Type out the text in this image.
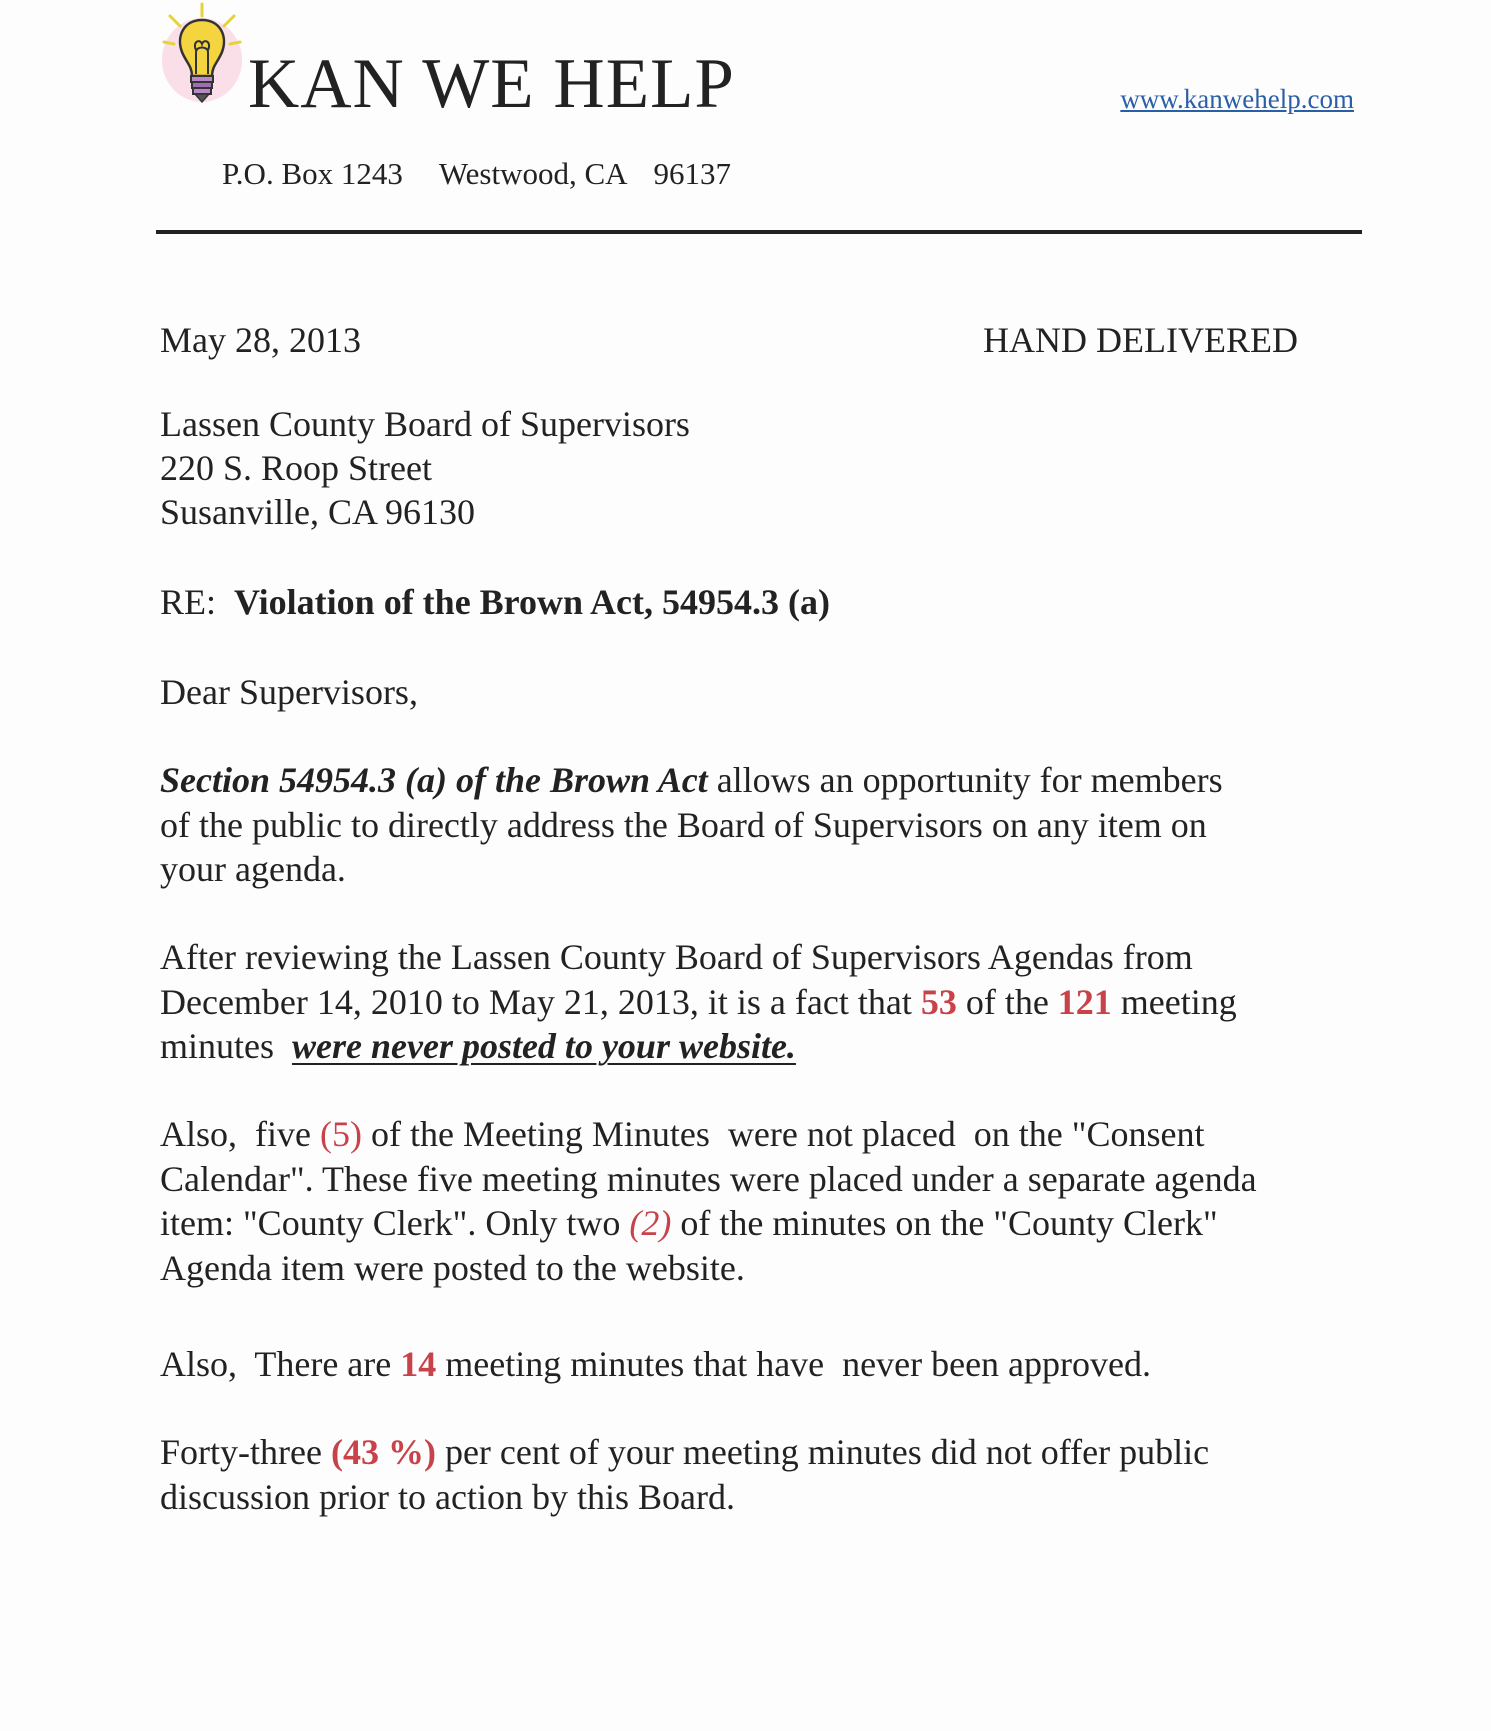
KAN WE HELP	www.kanwehelp.com
P.O. Box 1243 Westwood, CA 96137
May 28, 2013	HAND DELIVERED
Lassen County Board of Supervisors
220 S. Roop Street
Susanville, CA 96130
RE: Violation of the Brown Act, 54954.3 (a)
Dear Supervisors,
Section 54954.3 (a) of the Brown Act allows an opportunity for members
of the public to directly address the Board of Supervisors on any item on
your agenda.
After reviewing the Lassen County Board of Supervisors Agendas from
December 14, 2010 to May 21, 2013, it is a fact that 53 of the 121 meeting
minutes  were never posted to your website.
Also,  five (5) of the Meeting Minutes  were not placed  on the "Consent
Calendar". These five meeting minutes were placed under a separate agenda
item: "County Clerk". Only two (2) of the minutes on the "County Clerk"
Agenda item were posted to the website.
Also,  There are 14 meeting minutes that have  never been approved.
Forty-three (43 %) per cent of your meeting minutes did not offer public
discussion prior to action by this Board.
